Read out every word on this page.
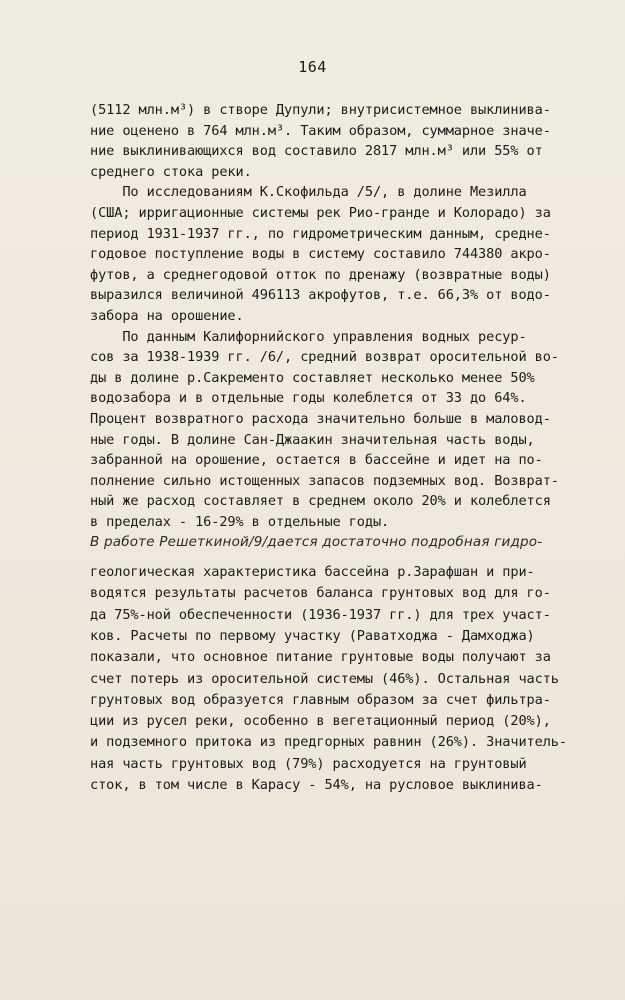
164
(5112 млн.м³) в створе Дупули; внутрисистемное выклинива-
ние оценено в 764 млн.м³. Таким образом, суммарное значе-
ние выклинивающихся вод составило 2817 млн.м³ или 55% от
среднего стока реки.
По исследованиям К.Скофильда /5/, в долине Мезилла
(США; ирригационные системы рек Рио-гранде и Колорадо) за
период 1931-1937 гг., по гидрометрическим данным, средне-
годовое поступление воды в систему составило 744380 акро-
футов, а среднегодовой отток по дренажу (возвратные воды)
выразился величиной 496113 акрофутов, т.е. 66,3% от водо-
забора на орошение.
По данным Калифорнийского управления водных ресур-
сов за 1938-1939 гг. /6/, средний возврат оросительной во-
ды в долине р.Сакременто составляет несколько менее 50%
водозабора и в отдельные годы колеблется от 33 до 64%.
Процент возвратного расхода значительно больше в маловод-
ные годы. В долине Сан-Джаакин значительная часть воды,
забранной на орошение, остается в бассейне и идет на по-
полнение сильно истощенных запасов подземных вод. Возврат-
ный же расход составляет в среднем около 20% и колеблется
в пределах - 16-29% в отдельные годы.
В работе Решеткиной/9/дается достаточно подробная гидро-
геологическая характеристика бассейна р.Зарафшан и при-
водятся результаты расчетов баланса грунтовых вод для го-
да 75%-ной обеспеченности (1936-1937 гг.) для трех участ-
ков. Расчеты по первому участку (Раватходжа - Дамходжа)
показали, что основное питание грунтовые воды получают за
счет потерь из оросительной системы (46%). Остальная часть
грунтовых вод образуется главным образом за счет фильтра-
ции из русел реки, особенно в вегетационный период (20%),
и подземного притока из предгорных равнин (26%). Значитель-
ная часть грунтовых вод (79%) расходуется на грунтовый
сток, в том числе в Карасу - 54%, на русловое выклинива-
